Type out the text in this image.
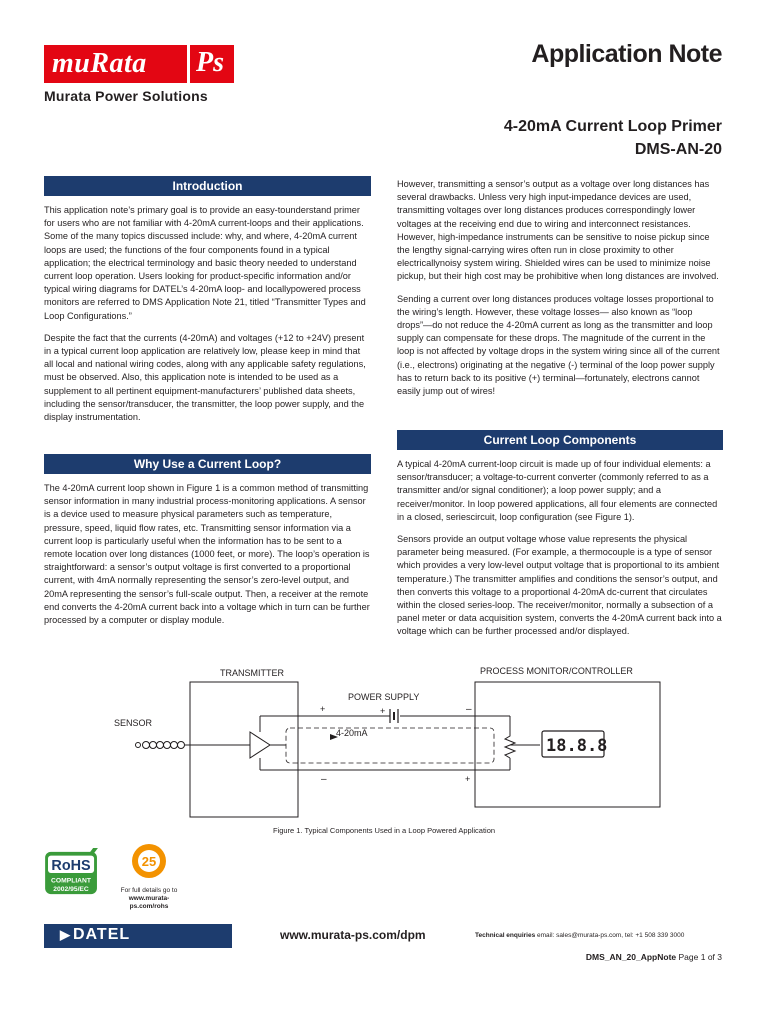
muRata Ps
Murata Power Solutions
Application Note
4-20mA Current Loop Primer
DMS-AN-20
Introduction
This application note’s primary goal is to provide an easy-tounderstand primer for users who are not familiar with 4-20mA current-loops and their applications. Some of the many topics discussed include: why, and where, 4-20mA current loops are used; the functions of the four components found in a typical application; the electrical terminology and basic theory needed to understand current loop operation. Users looking for product-specific information and/or typical wiring diagrams for DATEL’s 4-20mA loop- and locallypowered process monitors are referred to DMS Application Note 21, titled “Transmitter Types and Loop Configurations.”
Despite the fact that the currents (4-20mA) and voltages (+12 to +24V) present in a typical current loop application are relatively low, please keep in mind that all local and national wiring codes, along with any applicable safety regulations, must be observed. Also, this application note is intended to be used as a supplement to all pertinent equipment-manufacturers’ published data sheets, including the sensor/transducer, the transmitter, the loop power supply, and the display instrumentation.
Why Use a Current Loop?
The 4-20mA current loop shown in Figure 1 is a common method of transmitting sensor information in many industrial process-monitoring applications. A sensor is a device used to measure physical parameters such as temperature, pressure, speed, liquid flow rates, etc. Transmitting sensor information via a current loop is particularly useful when the information has to be sent to a remote location over long distances (1000 feet, or more). The loop’s operation is straightforward: a sensor’s output voltage is first converted to a proportional current, with 4mA normally representing the sensor’s zero-level output, and 20mA representing the sensor’s full-scale output. Then, a receiver at the remote end converts the 4-20mA current back into a voltage which in turn can be further processed by a computer or display module.
However, transmitting a sensor’s output as a voltage over long distances has several drawbacks. Unless very high input-impedance devices are used, transmitting voltages over long distances produces correspondingly lower voltages at the receiving end due to wiring and interconnect resistances. However, high-impedance instruments can be sensitive to noise pickup since the lengthy signal-carrying wires often run in close proximity to other electricallynoisy system wiring. Shielded wires can be used to minimize noise pickup, but their high cost may be prohibitive when long distances are involved.
Sending a current over long distances produces voltage losses proportional to the wiring’s length. However, these voltage losses— also known as “loop drops”—do not reduce the 4-20mA current as long as the transmitter and loop supply can compensate for these drops. The magnitude of the current in the loop is not affected by voltage drops in the system wiring since all of the current (i.e., electrons) originating at the negative (-) terminal of the loop power supply has to return back to its positive (+) terminal—fortunately, electrons cannot easily jump out of wires!
Current Loop Components
A typical 4-20mA current-loop circuit is made up of four individual elements: a sensor/transducer; a voltage-to-current converter (commonly referred to as a transmitter and/or signal conditioner); a loop power supply; and a receiver/monitor. In loop powered applications, all four elements are connected in a closed, seriescircuit, loop configuration (see Figure 1).
Sensors provide an output voltage whose value represents the physical parameter being measured. (For example, a thermocouple is a type of sensor which provides a very low-level output voltage that is proportional to its ambient temperature.) The transmitter amplifies and conditions the sensor’s output, and then converts this voltage to a proportional 4-20mA dc-current that circulates within the closed series-loop. The receiver/monitor, normally a subsection of a panel meter or data acquisition system, converts the 4-20mA current back into a voltage which can be further processed and/or displayed.
TRANSMITTER	PROCESS MONITOR/CONTROLLER
POWER SUPPLY
+
4-20mA
+
–
–
+
SENSOR
18.8.8
Figure 1. Typical Components Used in a Loop Powered Application
RoHS
COMPLIANT
2002/95/EC
25
For full details go to
www.murata-ps.com/rohs
▶ DATEL	www.murata-ps.com/dpm	Technical enquiries email: sales@murata-ps.com, tel: +1 508 339 3000
DMS_AN_20_AppNote Page 1 of 3
